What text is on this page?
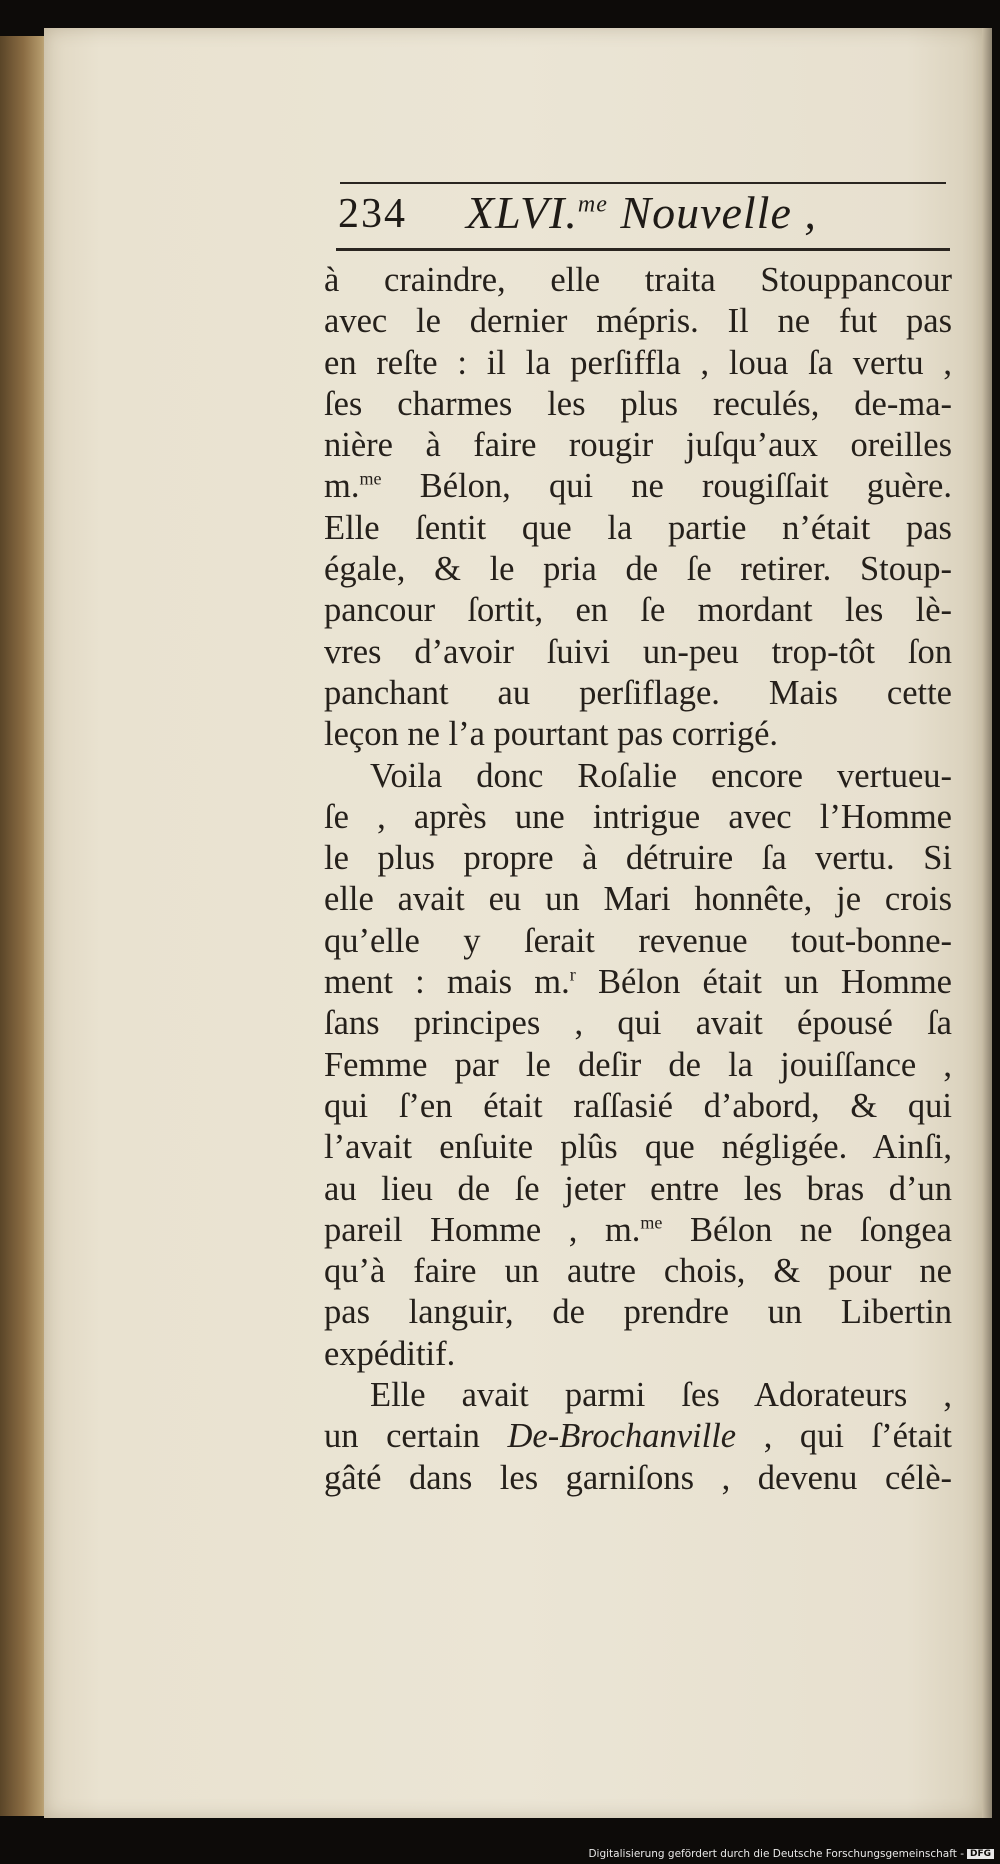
234 XLVI.$^{me}$ Nouvelle ,
à craindre, elle traita Stouppancour
avec le dernier mépris. Il ne fut pas
en reſte : il la perſiffla , loua ſa vertu ,
ſes charmes les plus reculés, de-ma-
nière à faire rougir juſqu’aux oreilles
m.$^{me}$ Bélon, qui ne rougiſſait guère.
Elle ſentit que la partie n’était pas
égale, & le pria de ſe retirer. Stoup-
pancour ſortit, en ſe mordant les lè-
vres d’avoir ſuivi un-peu trop-tôt ſon
panchant au perſiflage. Mais cette
leçon ne l’a pourtant pas corrigé.
Voila donc Roſalie encore vertueu-
ſe , après une intrigue avec l’Homme
le plus propre à détruire ſa vertu. Si
elle avait eu un Mari honnête, je crois
qu’elle y ſerait revenue tout-bonne-
ment : mais m.$^r$ Bélon était un Homme
ſans principes , qui avait épousé ſa
Femme par le deſir de la jouiſſance ,
qui ſ’en était raſſasié d’abord, & qui
l’avait enſuite plûs que négligée. Ainſi,
au lieu de ſe jeter entre les bras d’un
pareil Homme , m.$^{me}$ Bélon ne ſongea
qu’à faire un autre chois, & pour ne
pas languir, de prendre un Libertin
expéditif.
Elle avait parmi ſes Adorateurs ,
un certain De-Brochanville , qui ſ’était
gâté dans les garniſons , devenu célè-
Digitalisierung gefördert durch die Deutsche Forschungsgemeinschaft - DFG
